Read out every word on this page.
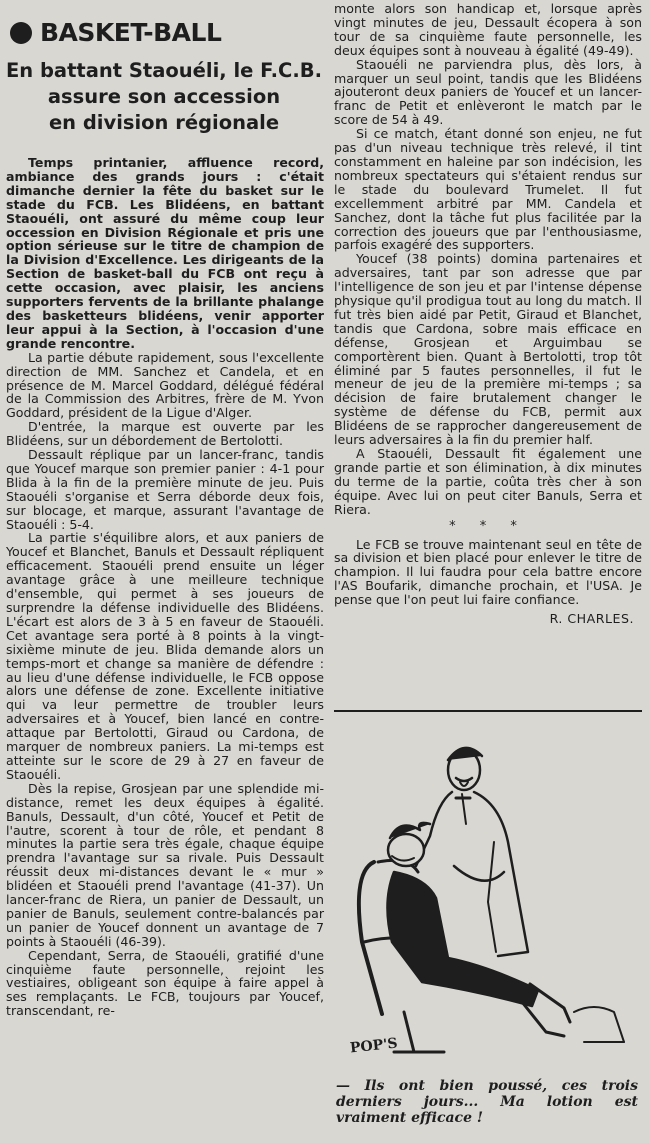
BASKET-BALL
En battant Staouéli, le F.C.B.
assure son accession
en division régionale

Temps printanier, affluence record, ambiance des grands jours : c'était dimanche dernier la fête du basket sur le stade du FCB. Les Blidéens, en battant Staouéli, ont assuré du même coup leur occession en Division Régionale et pris une option sérieuse sur le titre de champion de la Division d'Excellence. Les dirigeants de la Section de basket-ball du FCB ont reçu à cette occasion, avec plaisir, les anciens supporters fervents de la brillante phalange des basketteurs blidéens, venir apporter leur appui à la Section, à l'occasion d'une grande rencontre.

La partie débute rapidement, sous l'excellente direction de MM. Sanchez et Candela, et en présence de M. Marcel Goddard, délégué fédéral de la Commission des Arbitres, frère de M. Yvon Goddard, président de la Ligue d'Alger.

D'entrée, la marque est ouverte par les Blidéens, sur un débordement de Bertolotti.

Dessault réplique par un lancer-franc, tandis que Youcef marque son premier panier : 4-1 pour Blida à la fin de la première minute de jeu. Puis Staouéli s'organise et Serra déborde deux fois, sur blocage, et marque, assurant l'avantage de Staouéli : 5-4.

La partie s'équilibre alors, et aux paniers de Youcef et Blanchet, Banuls et Dessault répliquent efficacement. Staouéli prend ensuite un léger avantage grâce à une meilleure technique d'ensemble, qui permet à ses joueurs de surprendre la défense individuelle des Blidéens. L'écart est alors de 3 à 5 en faveur de Staouéli. Cet avantage sera porté à 8 points à la vingt-sixième minute de jeu. Blida demande alors un temps-mort et change sa manière de défendre : au lieu d'une défense individuelle, le FCB oppose alors une défense de zone. Excellente initiative qui va leur permettre de troubler leurs adversaires et à Youcef, bien lancé en contre-attaque par Bertolotti, Giraud ou Cardona, de marquer de nombreux paniers. La mi-temps est atteinte sur le score de 29 à 27 en faveur de Staouéli.

Dès la repise, Grosjean par une splendide mi-distance, remet les deux équipes à égalité. Banuls, Dessault, d'un côté, Youcef et Petit de l'autre, scorent à tour de rôle, et pendant 8 minutes la partie sera très égale, chaque équipe prendra l'avantage sur sa rivale. Puis Dessault réussit deux mi-distances devant le « mur » blidéen et Staouéli prend l'avantage (41-37). Un lancer-franc de Riera, un panier de Dessault, un panier de Banuls, seulement contre-balancés par un panier de Youcef donnent un avantage de 7 points à Staouéli (46-39).

Cependant, Serra, de Staouéli, gratifié d'une cinquième faute personnelle, rejoint les vestiaires, obligeant son équipe à faire appel à ses remplaçants. Le FCB, toujours par Youcef, transcendant, re-

monte alors son handicap et, lorsque après vingt minutes de jeu, Dessault écopera à son tour de sa cinquième faute personnelle, les deux équipes sont à nouveau à égalité (49-49).

Staouéli ne parviendra plus, dès lors, à marquer un seul point, tandis que les Blidéens ajouteront deux paniers de Youcef et un lancer-franc de Petit et enlèveront le match par le score de 54 à 49.

Si ce match, étant donné son enjeu, ne fut pas d'un niveau technique très relevé, il tint constamment en haleine par son indécision, les nombreux spectateurs qui s'étaient rendus sur le stade du boulevard Trumelet. Il fut excellemment arbitré par MM. Candela et Sanchez, dont la tâche fut plus facilitée par la correction des joueurs que par l'enthousiasme, parfois exagéré des supporters.

Youcef (38 points) domina partenaires et adversaires, tant par son adresse que par l'intelligence de son jeu et par l'intense dépense physique qu'il prodigua tout au long du match. Il fut très bien aidé par Petit, Giraud et Blanchet, tandis que Cardona, sobre mais efficace en défense, Grosjean et Arguimbau se comportèrent bien. Quant à Bertolotti, trop tôt éliminé par 5 fautes personnelles, il fut le meneur de jeu de la première mi-temps ; sa décision de faire brutalement changer le système de défense du FCB, permit aux Blidéens de se rapprocher dangereusement de leurs adversaires à la fin du premier half.

A Staouéli, Dessault fit également une grande partie et son élimination, à dix minutes du terme de la partie, coûta très cher à son équipe. Avec lui on peut citer Banuls, Serra et Riera.

* * *

Le FCB se trouve maintenant seul en tête de sa division et bien placé pour enlever le titre de champion. Il lui faudra pour cela battre encore l'AS Boufarik, dimanche prochain, et l'USA. Je pense que l'on peut lui faire confiance.

R. CHARLES.
POP'S
— Ils ont bien poussé, ces trois derniers jours... Ma lotion est vraiment efficace !
